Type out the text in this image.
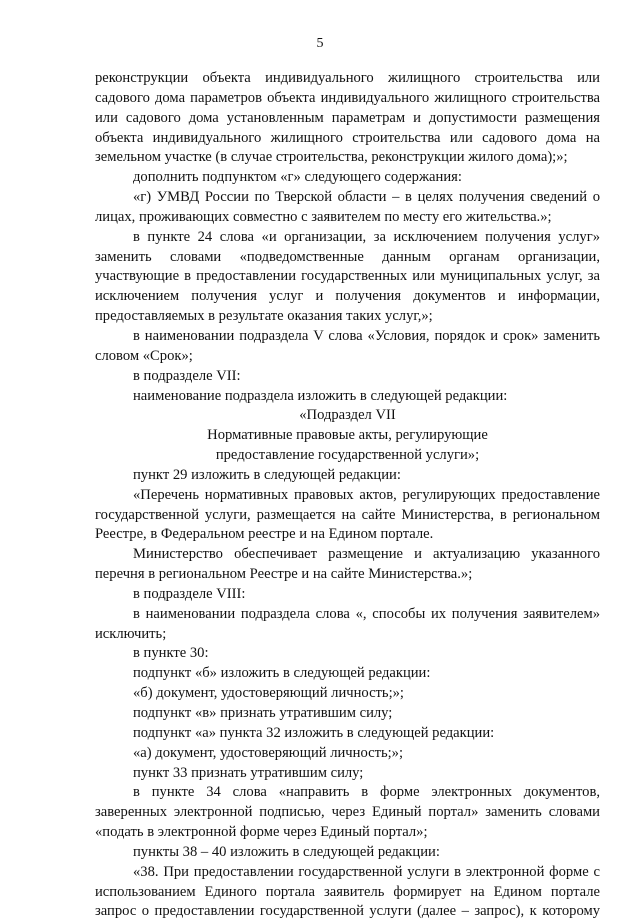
5

реконструкции объекта индивидуального жилищного строительства или садового дома параметров объекта индивидуального жилищного строительства или садового дома установленным параметрам и допустимости размещения объекта индивидуального жилищного строительства или садового дома на земельном участке (в случае строительства, реконструкции жилого дома);»;

дополнить подпунктом «г» следующего содержания:

«г) УМВД России по Тверской области – в целях получения сведений о лицах, проживающих совместно с заявителем по месту его жительства.»;

в пункте 24 слова «и организации, за исключением получения услуг» заменить словами «подведомственные данным органам организации, участвующие в предоставлении государственных или муниципальных услуг, за исключением получения услуг и получения документов и информации, предоставляемых в результате оказания таких услуг,»;

в наименовании подраздела V слова «Условия, порядок и срок» заменить словом «Срок»;

в подразделе VII:

наименование подраздела изложить в следующей редакции:

«Подраздел VII

Нормативные правовые акты, регулирующие

предоставление государственной услуги»;

пункт 29 изложить в следующей редакции:

«Перечень нормативных правовых актов, регулирующих предоставление государственной услуги, размещается на сайте Министерства, в региональном Реестре, в Федеральном реестре и на Едином портале.

Министерство обеспечивает размещение и актуализацию указанного перечня в региональном Реестре и на сайте Министерства.»;

в подразделе VIII:

в наименовании подраздела слова «, способы их получения заявителем» исключить;

в пункте 30:

подпункт «б» изложить в следующей редакции:

«б) документ, удостоверяющий личность;»;

подпункт «в» признать утратившим силу;

подпункт «а» пункта 32 изложить в следующей редакции:

«а) документ, удостоверяющий личность;»;

пункт 33 признать утратившим силу;

в пункте 34 слова «направить в форме электронных документов, заверенных электронной подписью, через Единый портал» заменить словами «подать в электронной форме через Единый портал»;

пункты 38 – 40 изложить в следующей редакции:

«38. При предоставлении государственной услуги в электронной форме с использованием Единого портала заявитель формирует на Едином портале запрос о предоставлении государственной услуги (далее – запрос), к которому
